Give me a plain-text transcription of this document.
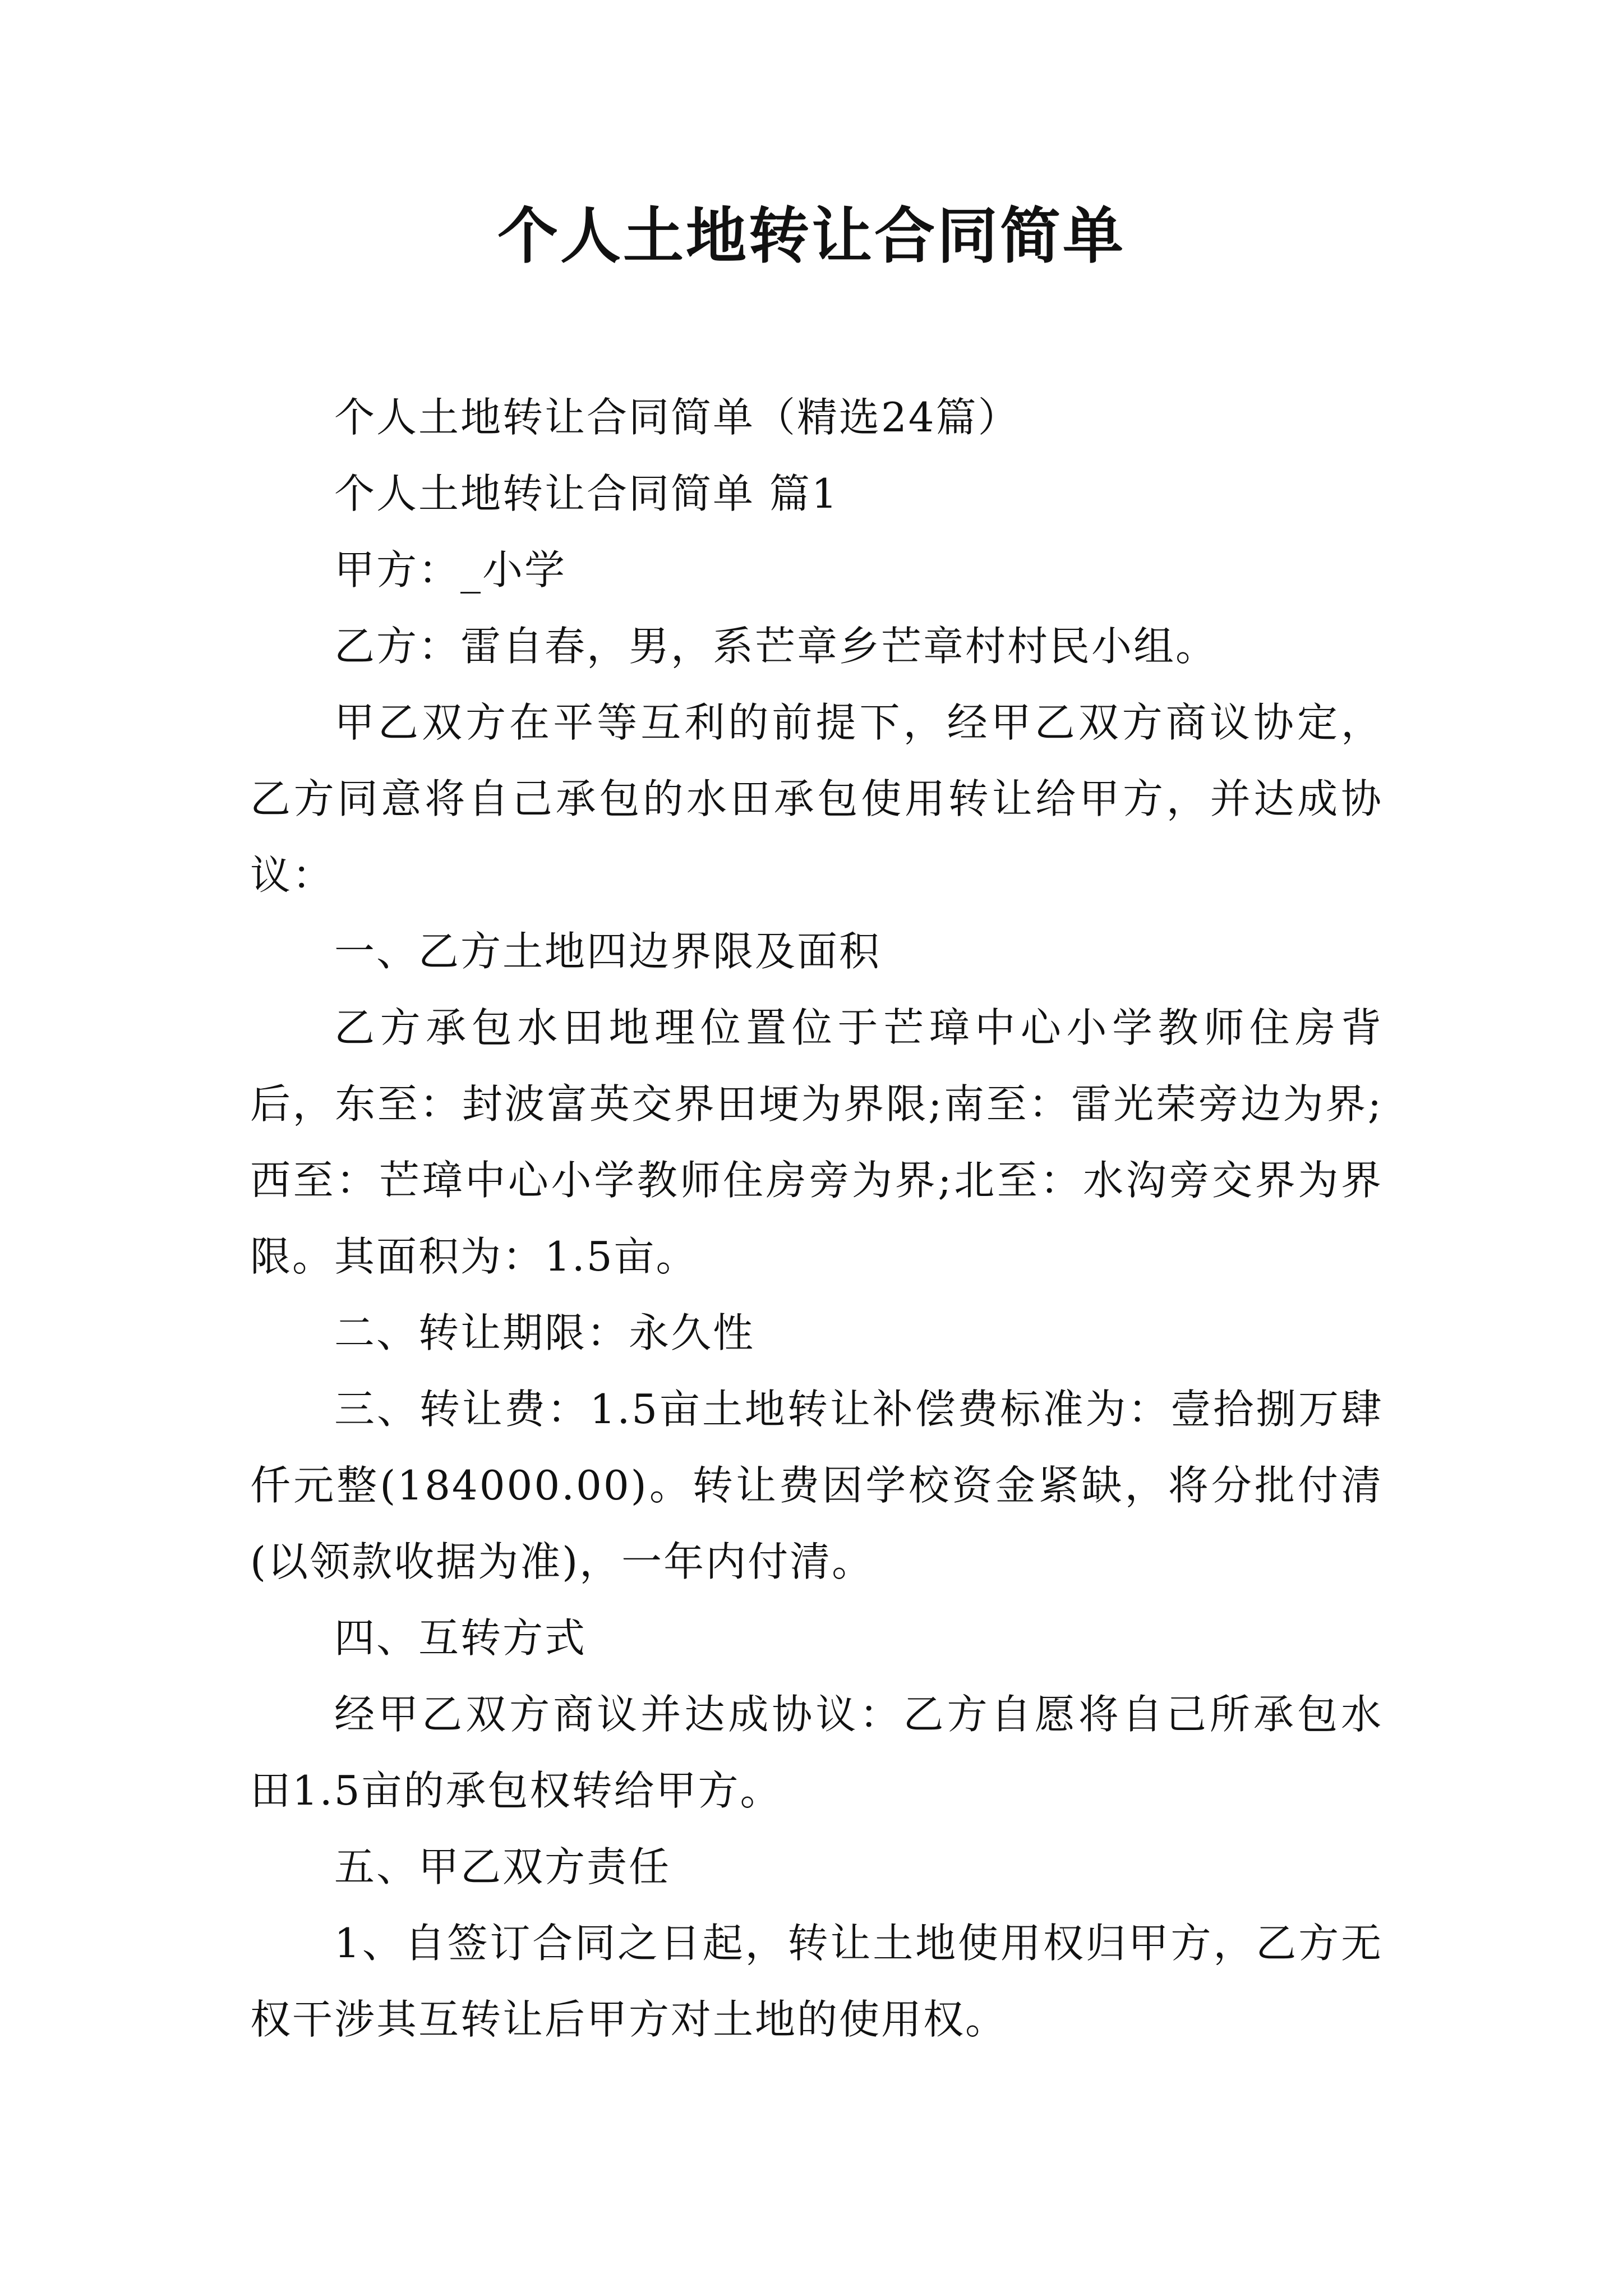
个人土地转让合同简单

个人土地转让合同简单（精选24篇）

个人土地转让合同简单 篇1

甲方：_小学

乙方：雷自春，男，系芒章乡芒章村村民小组。

甲乙双方在平等互利的前提下，经甲乙双方商议协定，乙方同意将自己承包的水田承包使用转让给甲方，并达成协议：

一、乙方土地四边界限及面积

乙方承包水田地理位置位于芒璋中心小学教师住房背后，东至：封波富英交界田埂为界限;南至：雷光荣旁边为界;西至：芒璋中心小学教师住房旁为界;北至：水沟旁交界为界限。其面积为：1.5亩。

二、转让期限：永久性

三、转让费：1.5亩土地转让补偿费标准为：壹拾捌万肆仟元整(184000.00)。转让费因学校资金紧缺，将分批付清(以领款收据为准)，一年内付清。

四、互转方式

经甲乙双方商议并达成协议：乙方自愿将自己所承包水田1.5亩的承包权转给甲方。

五、甲乙双方责任

1、自签订合同之日起，转让土地使用权归甲方，乙方无权干涉其互转让后甲方对土地的使用权。
